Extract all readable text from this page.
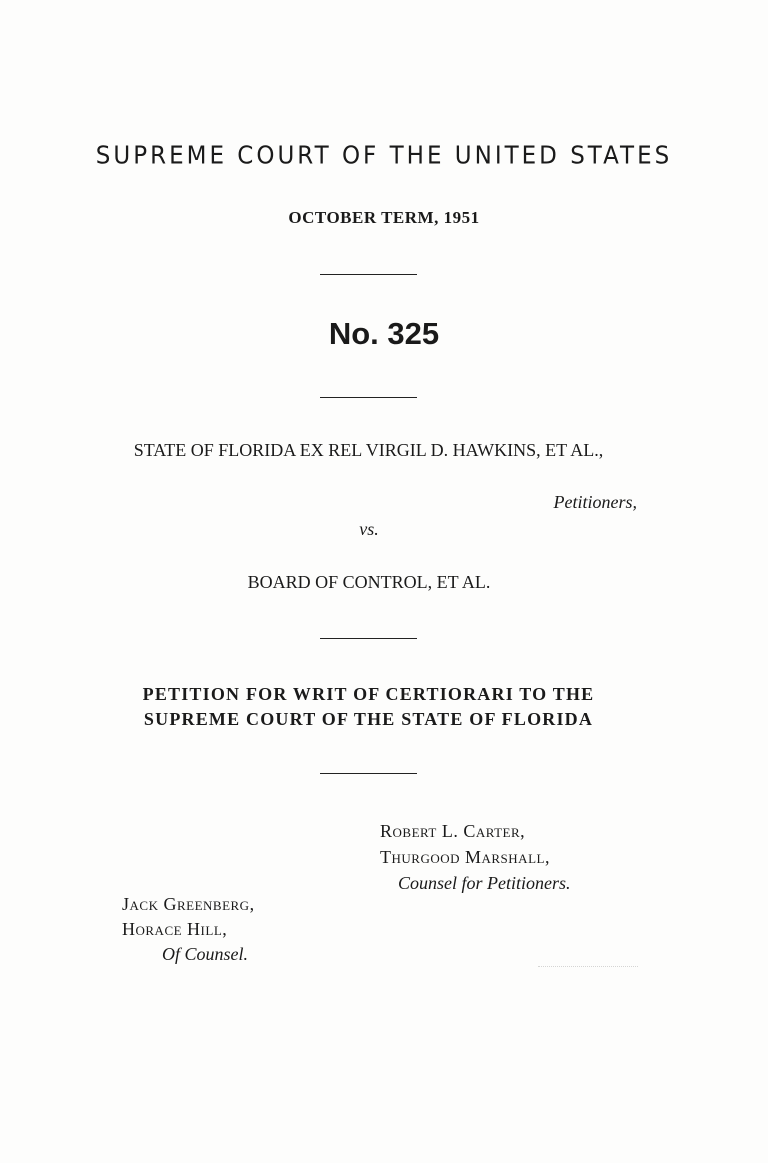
SUPREME COURT OF THE UNITED STATES
OCTOBER TERM, 1951
No. 325
STATE OF FLORIDA EX REL VIRGIL D. HAWKINS, ET AL.,
Petitioners,
vs.
BOARD OF CONTROL, ET AL.
PETITION FOR WRIT OF CERTIORARI TO THE SUPREME COURT OF THE STATE OF FLORIDA
Robert L. Carter,
Thurgood Marshall,
Counsel for Petitioners.
Jack Greenberg,
Horace Hill,
Of Counsel.
